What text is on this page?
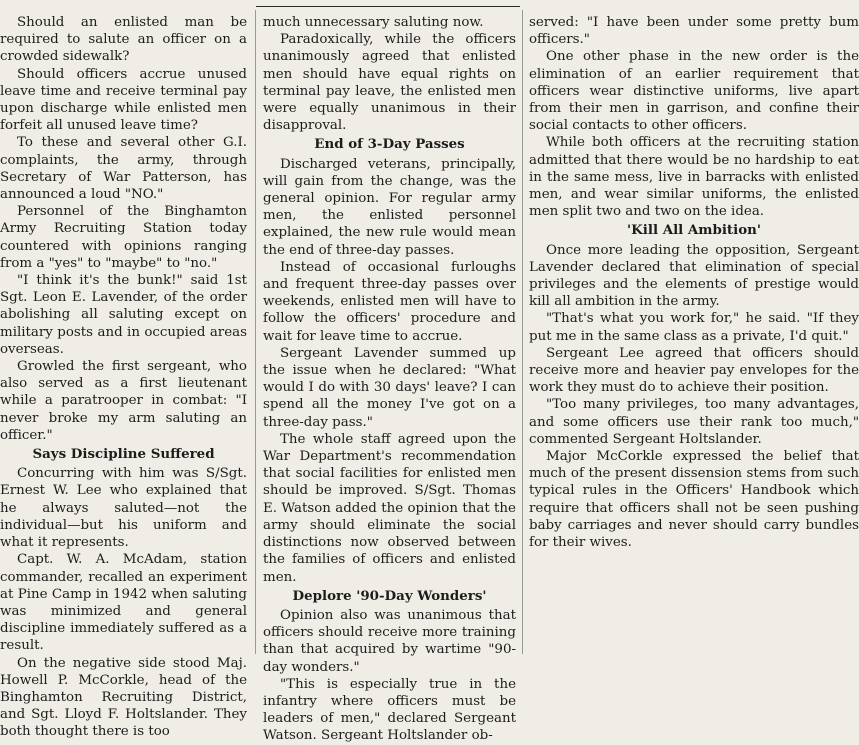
Should an enlisted man be required to salute an officer on a crowded sidewalk?

Should officers accrue unused leave time and receive terminal pay upon discharge while enlisted men forfeit all unused leave time?

To these and several other G.I. complaints, the army, through Secretary of War Patterson, has announced a loud "NO."

Personnel of the Binghamton Army Recruiting Station today countered with opinions ranging from a "yes" to "maybe" to "no."

"I think it's the bunk!" said 1st Sgt. Leon E. Lavender, of the order abolishing all saluting except on military posts and in occupied areas overseas.

Growled the first sergeant, who also served as a first lieutenant while a paratrooper in combat: "I never broke my arm saluting an officer."

Says Discipline Suffered

Concurring with him was S/Sgt. Ernest W. Lee who explained that he always saluted—not the individual—but his uniform and what it represents.

Capt. W. A. McAdam, station commander, recalled an experiment at Pine Camp in 1942 when saluting was minimized and general discipline immediately suffered as a result.

On the negative side stood Maj. Howell P. McCorkle, head of the Binghamton Recruiting District, and Sgt. Lloyd F. Holtslander. They both thought there is too

much unnecessary saluting now.

Paradoxically, while the officers unanimously agreed that enlisted men should have equal rights on terminal pay leave, the enlisted men were equally unanimous in their disapproval.

End of 3-Day Passes

Discharged veterans, principally, will gain from the change, was the general opinion. For regular army men, the enlisted personnel explained, the new rule would mean the end of three-day passes.

Instead of occasional furloughs and frequent three-day passes over weekends, enlisted men will have to follow the officers' procedure and wait for leave time to accrue.

Sergeant Lavender summed up the issue when he declared: "What would I do with 30 days' leave? I can spend all the money I've got on a three-day pass."

The whole staff agreed upon the War Department's recommendation that social facilities for enlisted men should be improved. S/Sgt. Thomas E. Watson added the opinion that the army should eliminate the social distinctions now observed between the families of officers and enlisted men.

Deplore '90-Day Wonders'

Opinion also was unanimous that officers should receive more training than that acquired by wartime "90-day wonders."

"This is especially true in the infantry where officers must be leaders of men," declared Sergeant Watson. Sergeant Holtslander ob-

served: "I have been under some pretty bum officers."

One other phase in the new order is the elimination of an earlier requirement that officers wear distinctive uniforms, live apart from their men in garrison, and confine their social contacts to other officers.

While both officers at the recruiting station admitted that there would be no hardship to eat in the same mess, live in barracks with enlisted men, and wear similar uniforms, the enlisted men split two and two on the idea.

'Kill All Ambition'

Once more leading the opposition, Sergeant Lavender declared that elimination of special privileges and the elements of prestige would kill all ambition in the army.

"That's what you work for," he said. "If they put me in the same class as a private, I'd quit."

Sergeant Lee agreed that officers should receive more and heavier pay envelopes for the work they must do to achieve their position.

"Too many privileges, too many advantages, and some officers use their rank too much," commented Sergeant Holtslander.

Major McCorkle expressed the belief that much of the present dissension stems from such typical rules in the Officers' Handbook which require that officers shall not be seen pushing baby carriages and never should carry bundles for their wives.
